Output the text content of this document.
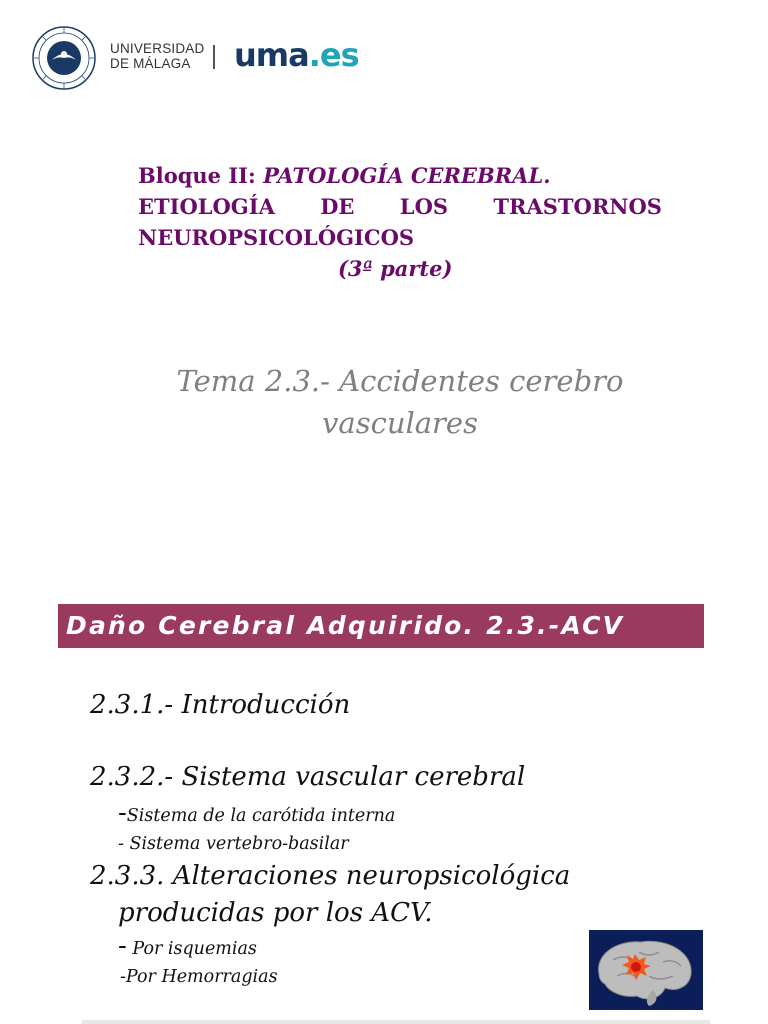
UNIVERSIDAD
DE MÁLAGA	uma.es
Bloque II: PATOLOGÍA CEREBRAL.
ETIOLOGÍA DE LOS TRASTORNOS
NEUROPSICOLÓGICOS
(3ª parte)
Tema 2.3.- Accidentes cerebro
vasculares
Daño Cerebral Adquirido. 2.3.-ACV
2.3.1.- Introducción
2.3.2.- Sistema vascular cerebral
-Sistema de la carótida interna
- Sistema vertebro-basilar
2.3.3. Alteraciones neuropsicológica
producidas por los ACV.
- Por isquemias
-Por Hemorragias
